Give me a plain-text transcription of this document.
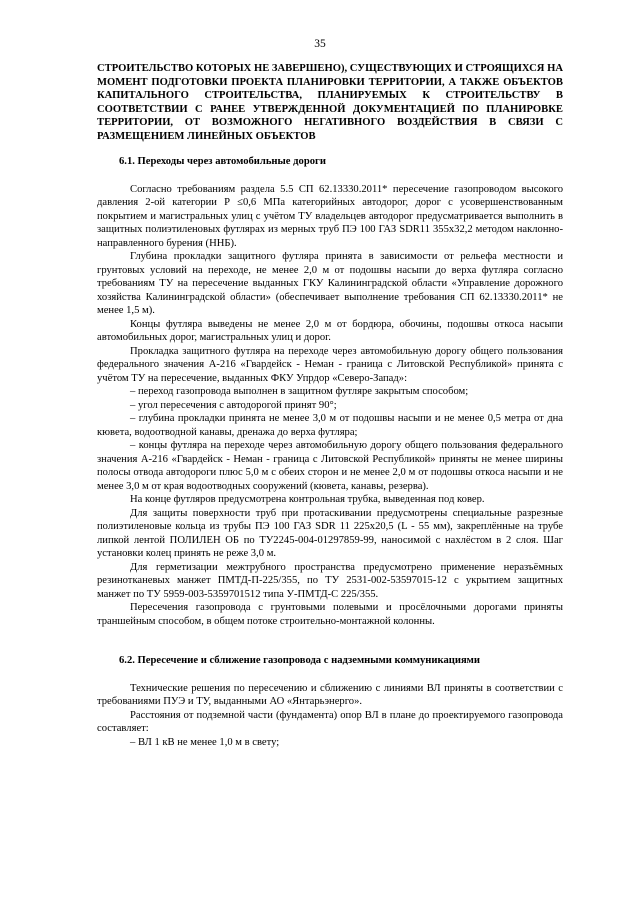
35
СТРОИТЕЛЬСТВО КОТОРЫХ НЕ ЗАВЕРШЕНО), СУЩЕСТВУЮЩИХ И СТРОЯЩИХСЯ НА МОМЕНТ ПОДГОТОВКИ ПРОЕКТА ПЛАНИРОВКИ ТЕРРИТОРИИ, А ТАКЖЕ ОБЪЕКТОВ КАПИТАЛЬНОГО СТРОИТЕЛЬСТВА, ПЛАНИРУЕМЫХ К СТРОИТЕЛЬСТВУ В СООТВЕТСТВИИ С РАНЕЕ УТВЕРЖДЕННОЙ ДОКУМЕНТАЦИЕЙ ПО ПЛАНИРОВКЕ ТЕРРИТОРИИ, ОТ ВОЗМОЖНОГО НЕГАТИВНОГО ВОЗДЕЙСТВИЯ В СВЯЗИ С РАЗМЕЩЕНИЕМ ЛИНЕЙНЫХ ОБЪЕКТОВ
6.1. Переходы через автомобильные дороги

Согласно требованиям раздела 5.5 СП 62.13330.2011* пересечение газопроводом высокого давления 2-ой категории Р ≤0,6 МПа категорийных автодорог, дорог с усовершенствованным покрытием и магистральных улиц с учётом ТУ владельцев автодорог предусматривается выполнить в защитных полиэтиленовых футлярах из мерных труб ПЭ 100 ГАЗ SDR11 355х32,2 методом наклонно-направленного бурения (ННБ).

Глубина прокладки защитного футляра принята в зависимости от рельефа местности и грунтовых условий на переходе, не менее 2,0 м от подошвы насыпи до верха футляра согласно требованиям ТУ на пересечение выданных ГКУ Калининградской области «Управление дорожного хозяйства Калининградской области» (обеспечивает выполнение требования СП 62.13330.2011* не менее 1,5 м).

Концы футляра выведены не менее 2,0 м от бордюра, обочины, подошвы откоса насыпи автомобильных дорог, магистральных улиц и дорог.

Прокладка защитного футляра на переходе через автомобильную дорогу общего пользования федерального значения А-216 «Гвардейск - Неман - граница с Литовской Республикой» принята с учётом ТУ на пересечение, выданных ФКУ Упрдор «Северо-Запад»:

– переход газопровода выполнен в защитном футляре закрытым способом;

– угол пересечения с автодорогой принят 90°;

– глубина прокладки принята не менее 3,0 м от подошвы насыпи и не менее 0,5 метра от дна кювета, водоотводной канавы, дренажа до верха футляра;

– концы футляра на переходе через автомобильную дорогу общего пользования федерального значения А-216 «Гвардейск - Неман - граница с Литовской Республикой» приняты не менее ширины полосы отвода автодороги плюс 5,0 м с обеих сторон и не менее 2,0 м от подошвы откоса насыпи и не менее 3,0 м от края водоотводных сооружений (кювета, канавы, резерва).

На конце футляров предусмотрена контрольная трубка, выведенная под ковер.

Для защиты поверхности труб при протаскивании предусмотрены специальные разрезные полиэтиленовые кольца из трубы ПЭ 100 ГАЗ SDR 11 225х20,5 (L - 55 мм), закреплённые на трубе липкой лентой ПОЛИЛЕН ОБ по ТУ2245-004-01297859-99, наносимой с нахлёстом в 2 слоя. Шаг установки колец принять не реже 3,0 м.

Для герметизации межтрубного пространства предусмотрено применение неразъёмных резинотканевых манжет ПМТД-П-225/355, по ТУ 2531-002-53597015-12 с укрытием защитных манжет по ТУ 5959-003-5359701512 типа У-ПМТД-С 225/355.

Пересечения газопровода с грунтовыми полевыми и просёлочными дорогами приняты траншейным способом, в общем потоке строительно-монтажной колонны.

6.2. Пересечение и сближение газопровода с надземными коммуникациями

Технические решения по пересечению и сближению с линиями ВЛ приняты в соответствии с требованиями ПУЭ и ТУ, выданными АО «Янтарьэнерго».

Расстояния от подземной части (фундамента) опор ВЛ в плане до проектируемого газопровода составляет:

– ВЛ 1 кВ не менее 1,0 м в свету;
